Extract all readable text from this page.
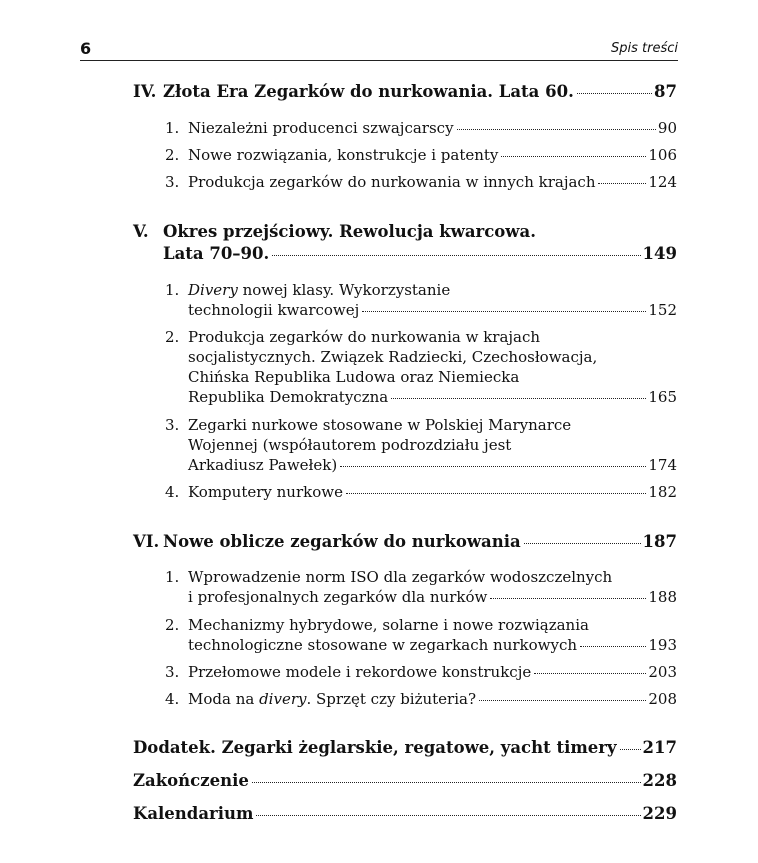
6	Spis treści
IV. Złota Era Zegarków do nurkowania. Lata 60.	87
1. Niezależni producenci szwajcarscy	90
2. Nowe rozwiązania, konstrukcje i patenty	106
3. Produkcja zegarków do nurkowania w innych krajach	124
V. Okres przejściowy. Rewolucja kwarcowa.
Lata 70–90.	149
1. Divery nowej klasy. Wykorzystanie
technologii kwarcowej	152
2. Produkcja zegarków do nurkowania w krajach
socjalistycznych. Związek Radziecki, Czechosłowacja,
Chińska Republika Ludowa oraz Niemiecka
Republika Demokratyczna	165
3. Zegarki nurkowe stosowane w Polskiej Marynarce
Wojennej (współautorem podrozdziału jest
Arkadiusz Pawełek)	174
4. Komputery nurkowe	182
VI. Nowe oblicze zegarków do nurkowania	187
1. Wprowadzenie norm ISO dla zegarków wodoszczelnych
i profesjonalnych zegarków dla nurków	188
2. Mechanizmy hybrydowe, solarne i nowe rozwiązania
technologiczne stosowane w zegarkach nurkowych	193
3. Przełomowe modele i rekordowe konstrukcje	203
4. Moda na divery. Sprzęt czy biżuteria?	208
Dodatek. Zegarki żeglarskie, regatowe, yacht timery 217
Zakończenie	228
Kalendarium	229
